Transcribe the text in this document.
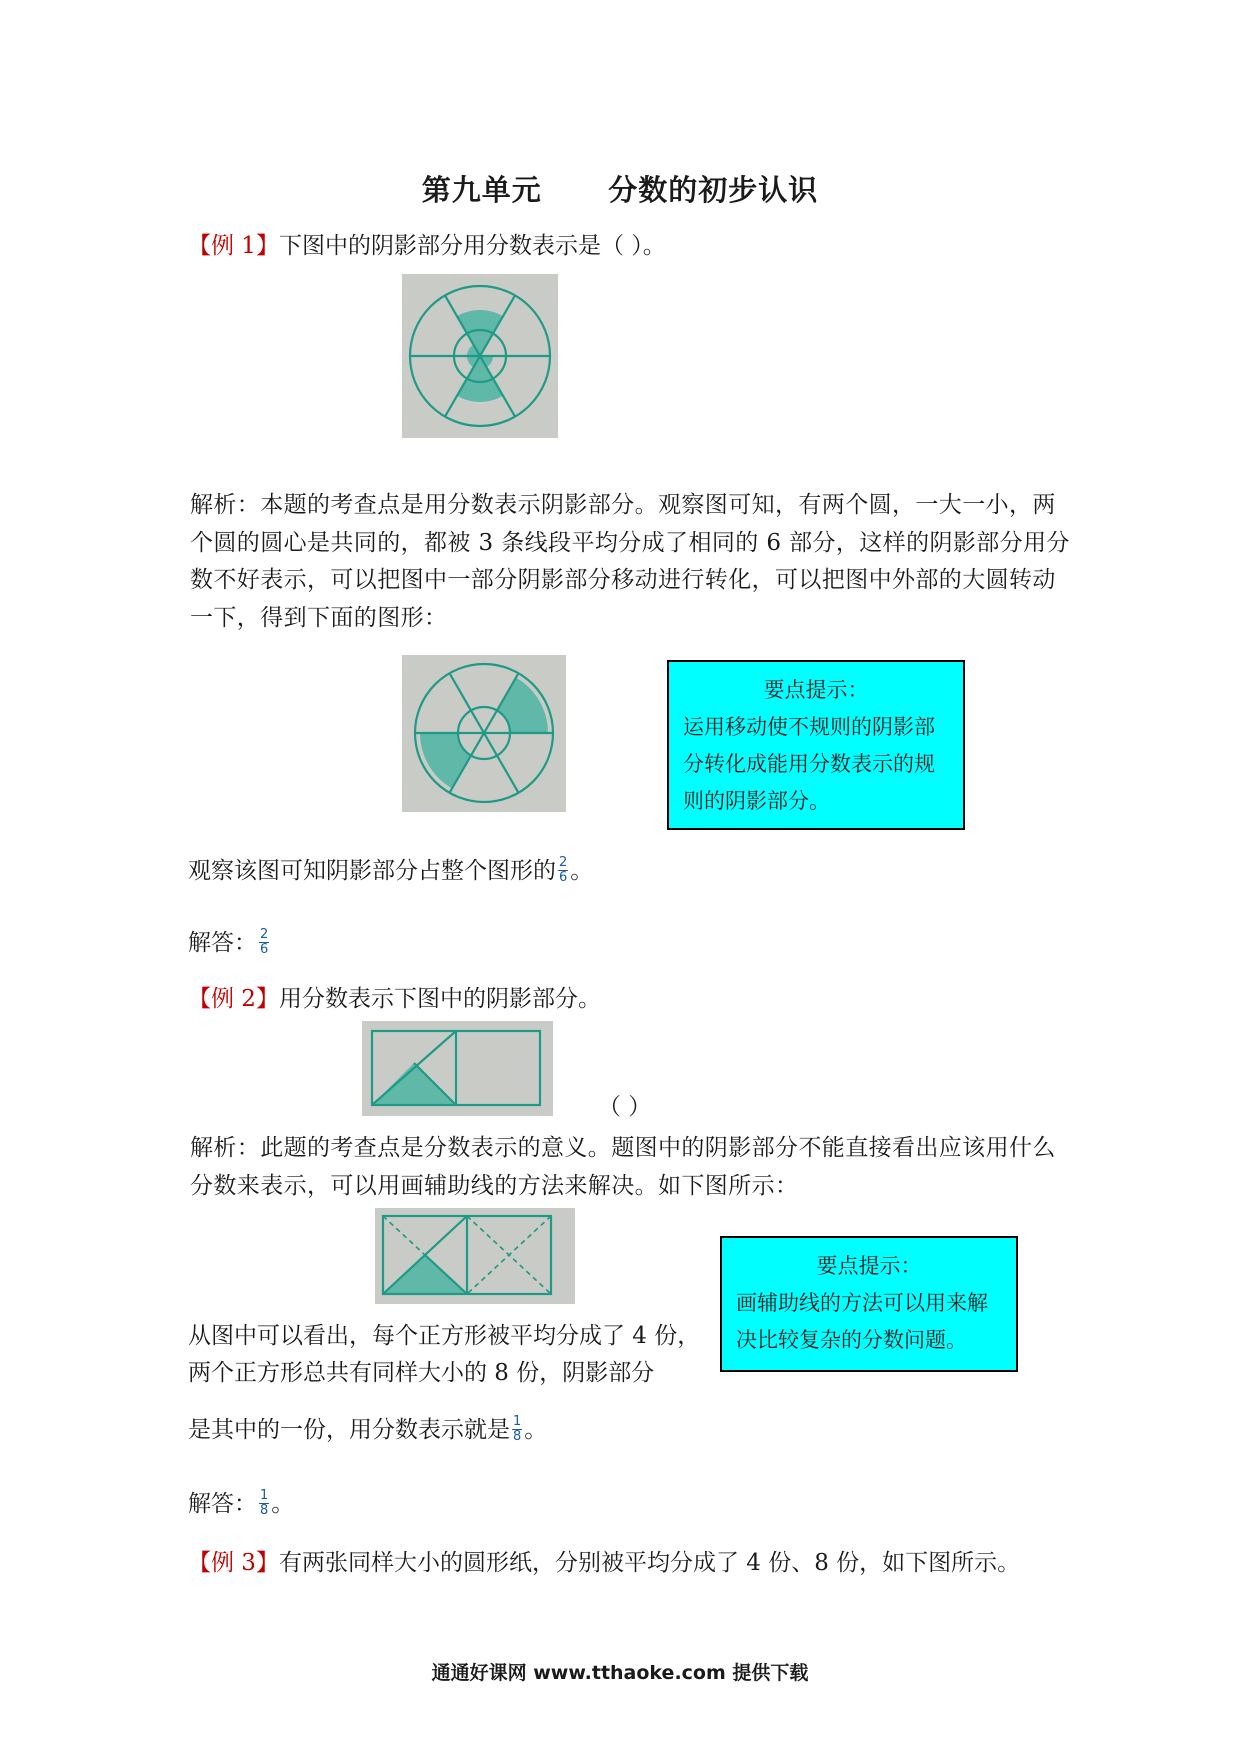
第九单元      分数的初步认识
【例 1】下图中的阴影部分用分数表示是（ ）。
解析：本题的考查点是用分数表示阴影部分。观察图可知，有两个圆，一大一小，两个圆的圆心是共同的，都被 3 条线段平均分成了相同的 6 部分，这样的阴影部分用分数不好表示，可以把图中一部分阴影部分移动进行转化，可以把图中外部的大圆转动一下，得到下面的图形：
要点提示：
运用移动使不规则的阴影部分转化成能用分数表示的规则的阴影部分。
观察该图可知阴影部分占整个图形的 $\frac{2}{6}$ 。
解答： $\frac{2}{6}$
【例 2】用分数表示下图中的阴影部分。
（ ）
解析：此题的考查点是分数表示的意义。题图中的阴影部分不能直接看出应该用什么分数来表示，可以用画辅助线的方法来解决。如下图所示：
要点提示：
画辅助线的方法可以用来解决比较复杂的分数问题。
从图中可以看出，每个正方形被平均分成了 4 份，
两个正方形总共有同样大小的 8 份，阴影部分
是其中的一份，用分数表示就是 $\frac{1}{8}$ 。
解答： $\frac{1}{8}$ 。
【例 3】有两张同样大小的圆形纸，分别被平均分成了 4 份、8 份，如下图所示。
通通好课网 www.tthaoke.com 提供下载
